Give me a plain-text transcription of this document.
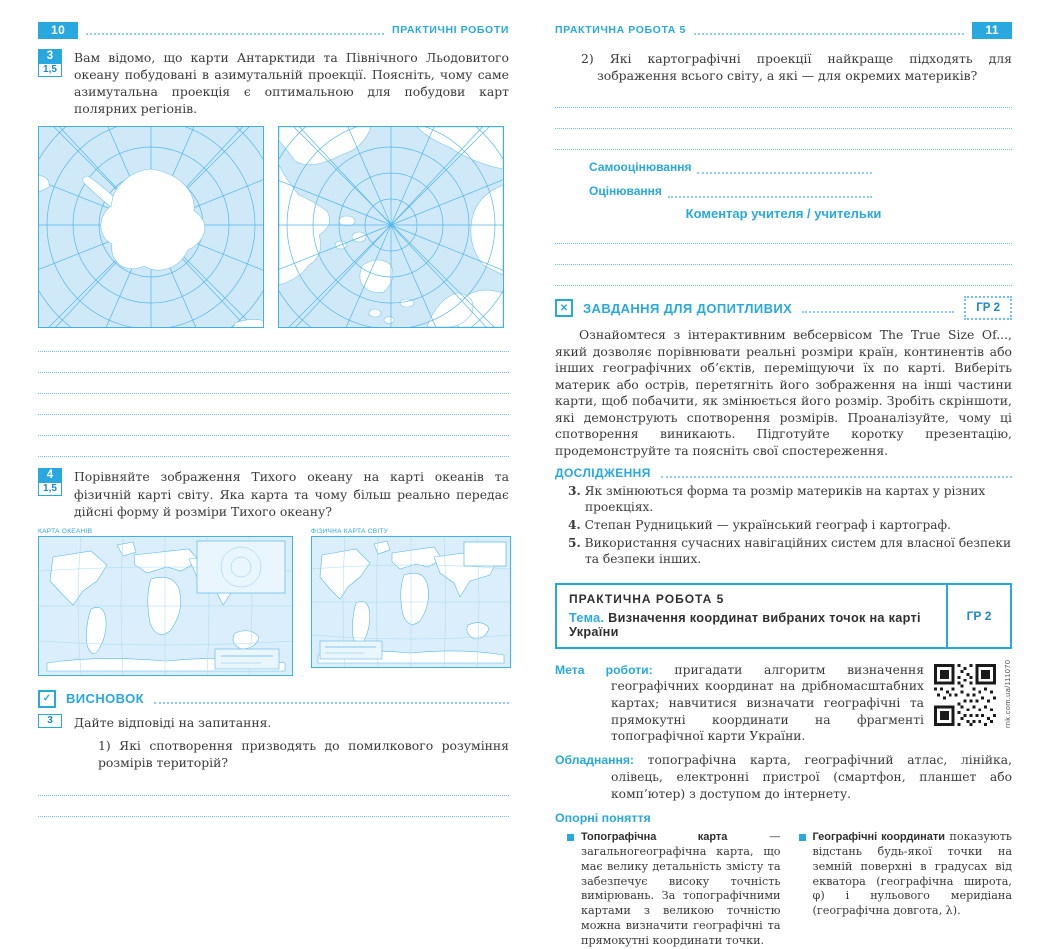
10	ПРАКТИЧНІ РОБОТИ
3
1,5
Вам відомо, що карти Антарктиди та Північного Льодовитого океану побудовані в азимутальній проекції. Поясніть, чому саме азимутальна проекція є оптимальною для побудови карт полярних регіонів.
4
1,5
Порівняйте зображення Тихого океану на карті океанів та фізичній карті світу. Яка карта та чому більш реально передає дійсні форму й розміри Тихого океану?
КАРТА ОКЕАНІВ	ФІЗИЧНА КАРТА СВІТУ
✓
ВИСНОВОК
3	Дайте відповіді на запитання.
1) Які спотворення призводять до помилкового розуміння розмірів територій?
ПРАКТИЧНА РОБОТА 5	11
2) Які картографічні проекції найкраще підходять для зображення всього світу, а які — для окремих материків?
Самооцінювання
Оцінювання
Коментар учителя / учительки
✕
ЗАВДАННЯ ДЛЯ ДОПИТЛИВИХ	ГР 2
Ознайомтеся з інтерактивним вебсервісом The True Size Of..., який дозволяє порівнювати реальні розміри країн, континентів або інших географічних об’єктів, переміщуючи їх по карті. Виберіть материк або острів, перетягніть його зображення на інші частини карти, щоб побачити, як змінюється його розмір. Зробіть скріншоти, які демонструють спотворення розмірів. Проаналізуйте, чому ці спотворення виникають. Підготуйте коротку презентацію, продемонструйте та поясніть свої спостереження.
ДОСЛІДЖЕННЯ
3. Як змінюються форма та розмір материків на картах у різних проекціях.
4. Степан Рудницький — український географ і картограф.
5. Використання сучасних навігаційних систем для власної безпеки та безпеки інших.
ПРАКТИЧНА РОБОТА 5
Тема. Визначення координат вибраних точок на карті України
ГР 2
rnk.com.ua/111070
Мета роботи: пригадати алгоритм визначення географічних координат на дрібномасштабних картах; навчитися визначати географічні та прямокутні координати на фрагменті топографічної карти України.
Обладнання: топографічна карта, географічний атлас, лінійка, олівець, електронні пристрої (смартфон, планшет або комп’ютер) з доступом до інтернету.
Опорні поняття
Топографічна карта — загальногеографічна карта, що має велику детальність змісту та забезпечує високу точність вимірювань. За топографічними картами з великою точністю можна визначити географічні та прямокутні координати точки.
Географічні координати показують відстань будь-якої точки на земній поверхні в градусах від екватора (географічна широта, φ) і нульового меридіана (географічна довгота, λ).
